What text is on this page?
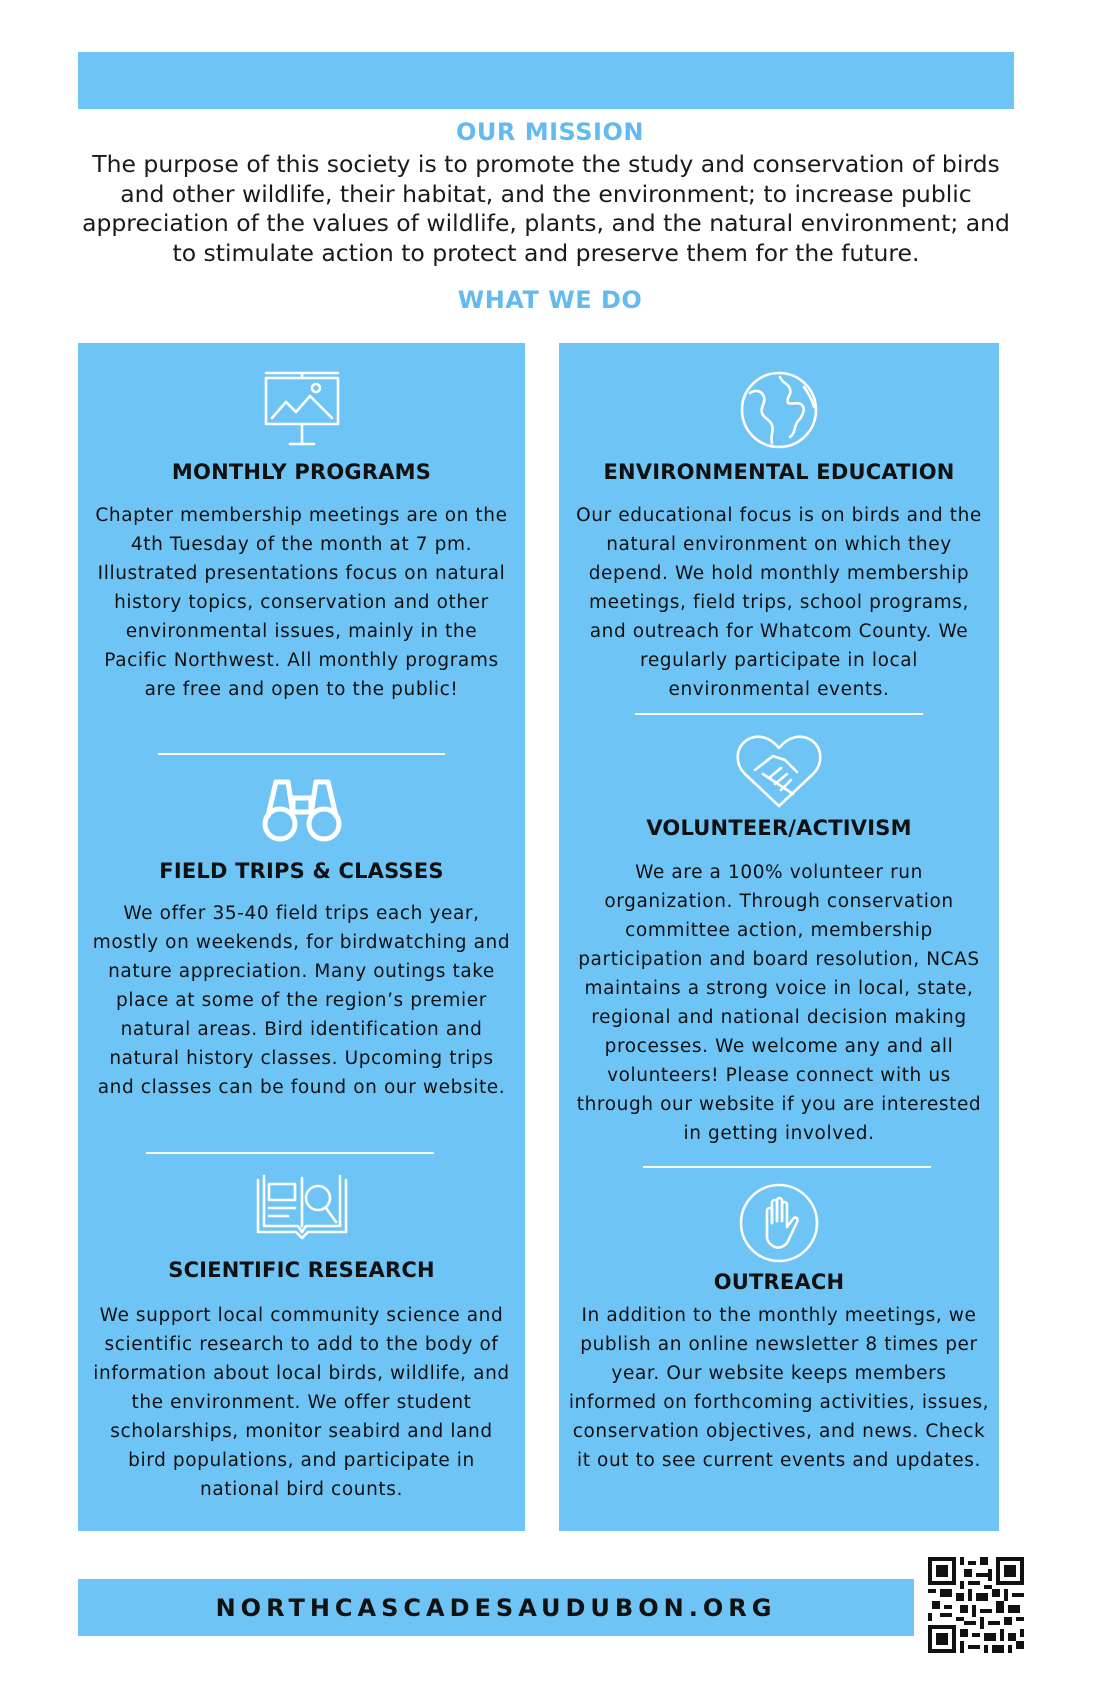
OUR MISSION
The purpose of this society is to promote the study and conservation of birds and other wildlife, their habitat, and the environment; to increase public appreciation of the values of wildlife, plants, and the natural environment; and to stimulate action to protect and preserve them for the future.
WHAT WE DO
MONTHLY PROGRAMS

Chapter membership meetings are on the 4th Tuesday of the month at 7 pm. Illustrated presentations focus on natural history topics, conservation and other environmental issues, mainly in the Pacific Northwest. All monthly programs are free and open to the public!

FIELD TRIPS & CLASSES

We offer 35-40 field trips each year, mostly on weekends, for birdwatching and nature appreciation. Many outings take place at some of the region’s premier natural areas. Bird identification and natural history classes. Upcoming trips and classes can be found on our website.

SCIENTIFIC RESEARCH

We support local community science and scientific research to add to the body of information about local birds, wildlife, and the environment. We offer student scholarships, monitor seabird and land bird populations, and participate in national bird counts.

ENVIRONMENTAL EDUCATION

Our educational focus is on birds and the natural environment on which they depend. We hold monthly membership meetings, field trips, school programs, and outreach for Whatcom County. We regularly participate in local environmental events.

VOLUNTEER/ACTIVISM

We are a 100% volunteer run organization. Through conservation committee action, membership participation and board resolution, NCAS maintains a strong voice in local, state, regional and national decision making processes. We welcome any and all volunteers! Please connect with us through our website if you are interested in getting involved.

OUTREACH

In addition to the monthly meetings, we publish an online newsletter 8 times per year. Our website keeps members informed on forthcoming activities, issues, conservation objectives, and news. Check it out to see current events and updates.

NORTHCASCADESAUDUBON.ORG
